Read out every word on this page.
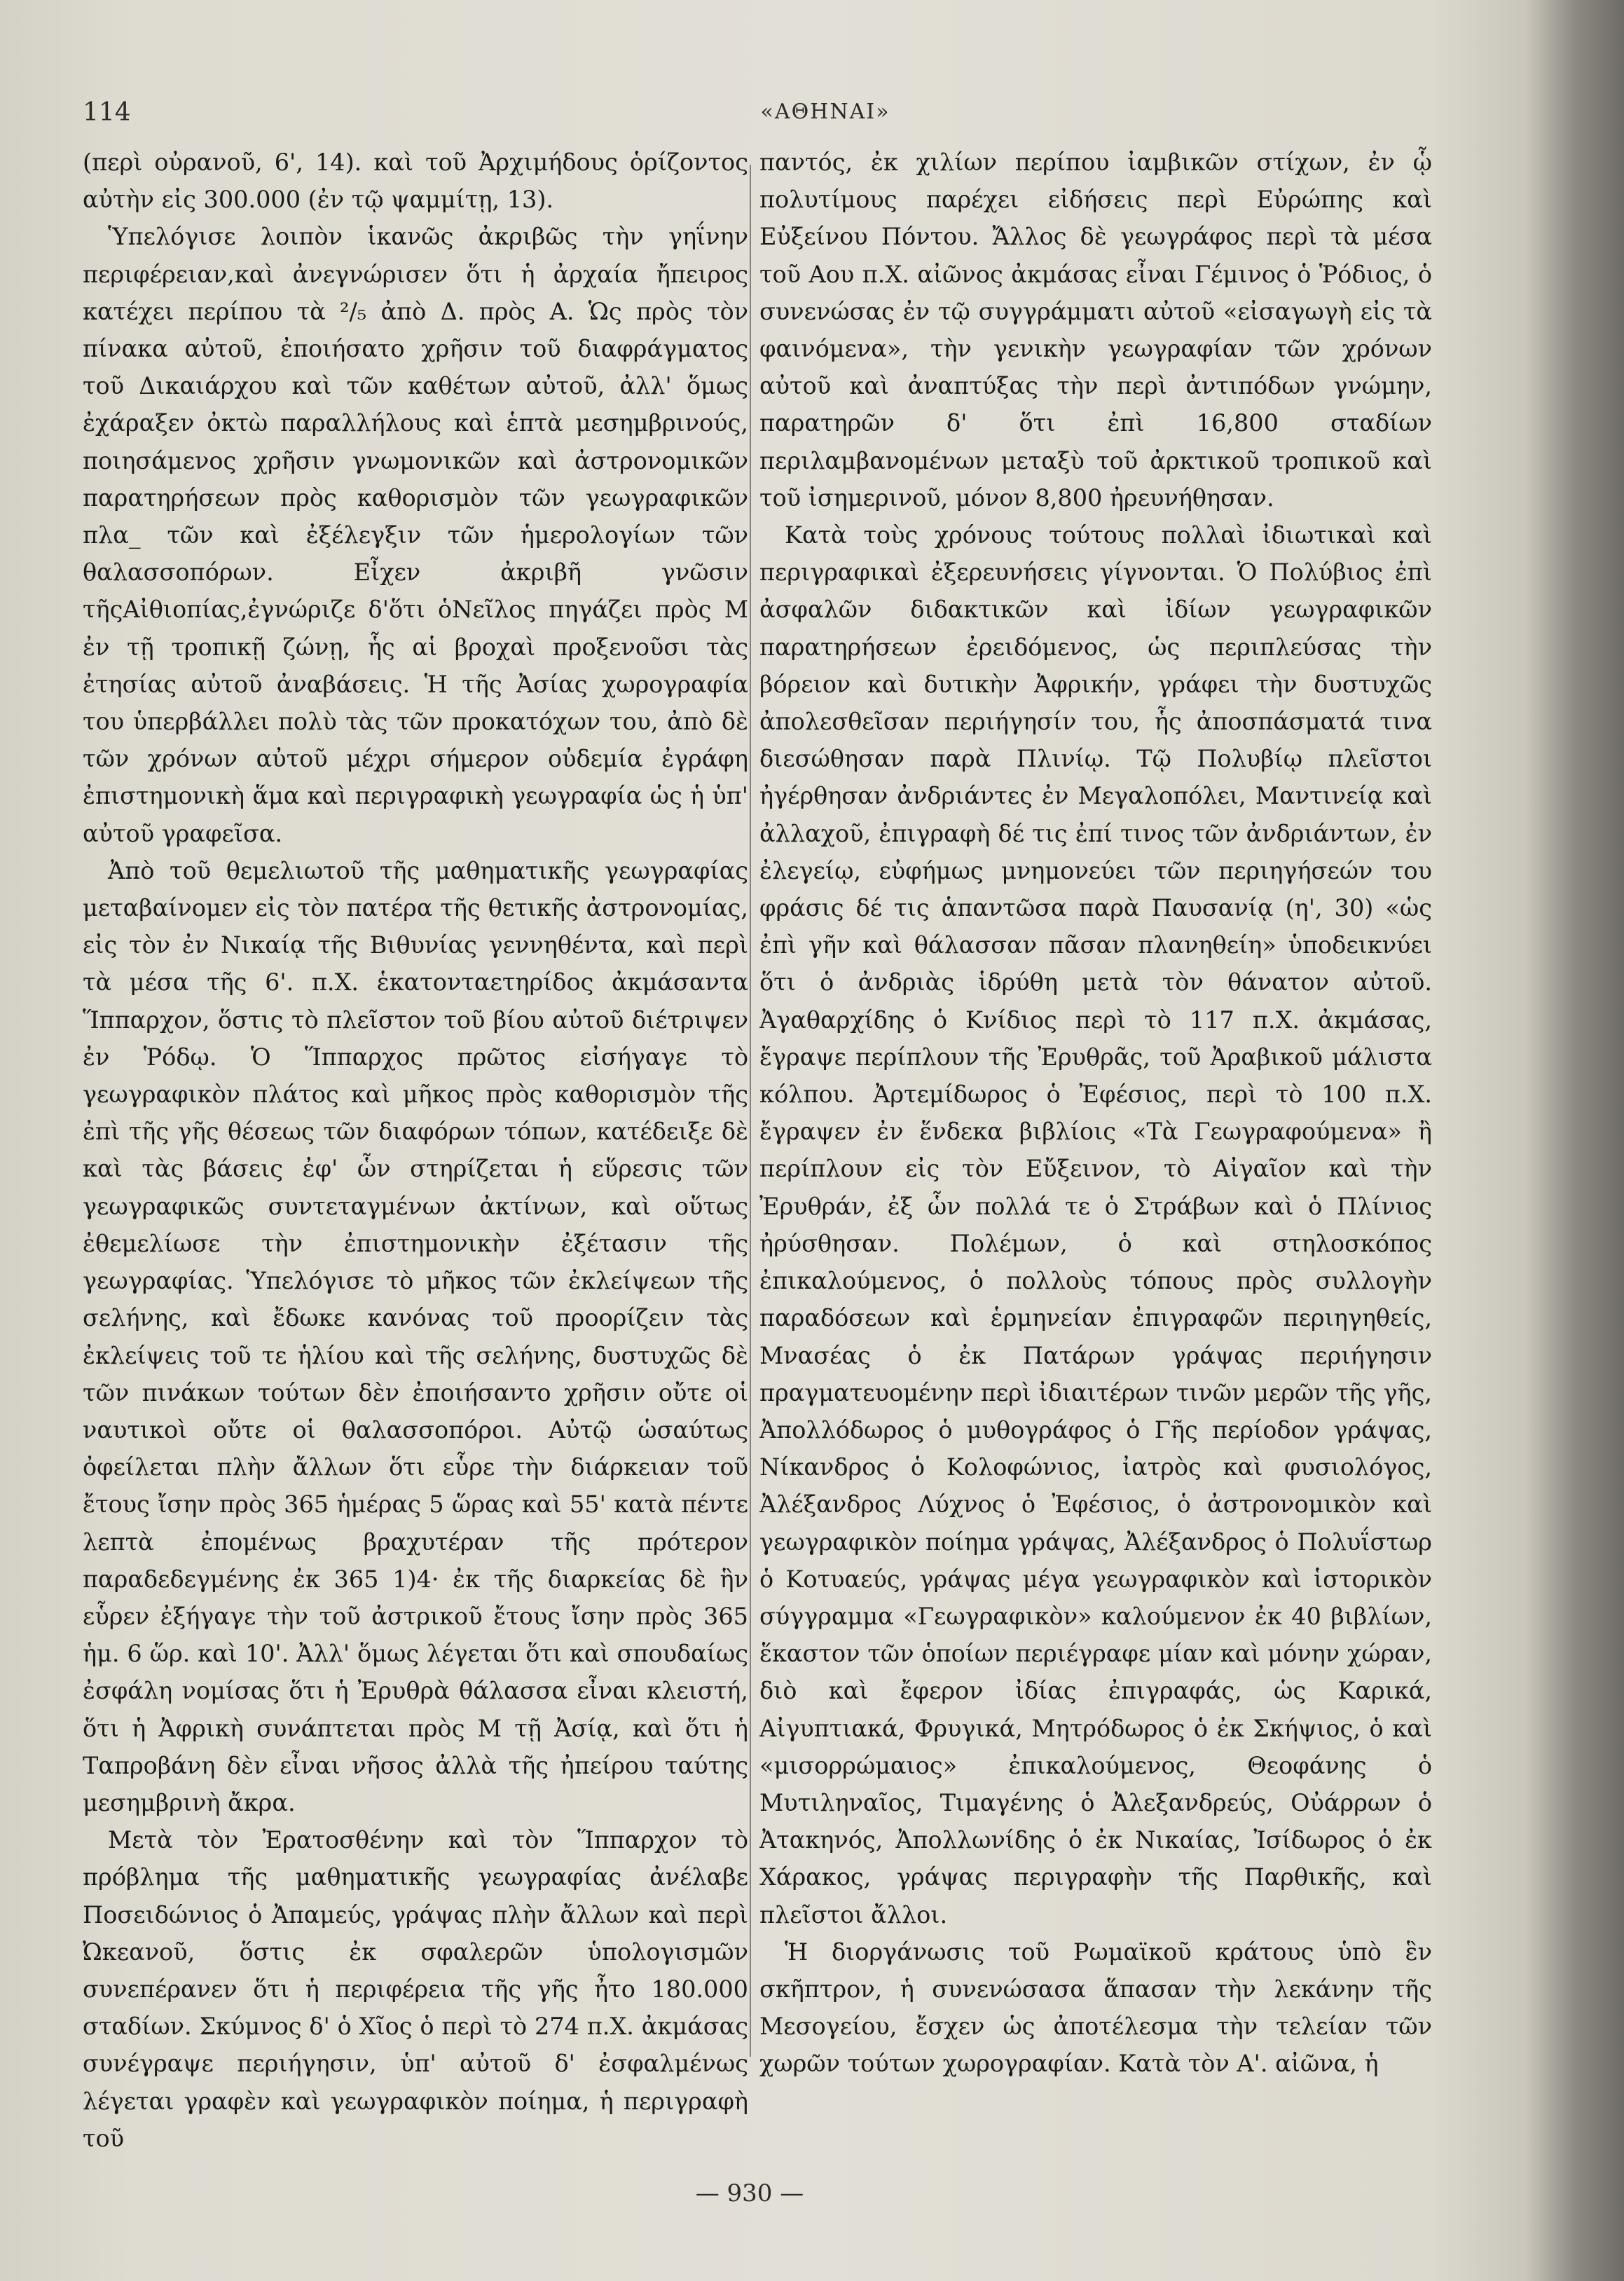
114	«ΑΘΗΝΑΙ»

(περὶ οὐρανοῦ, 6', 14). καὶ τοῦ Ἀρχιμήδους ὁρίζοντος αὐτὴν εἰς 300.000 (ἐν τῷ ψαμμίτῃ, 13).

Ὑπελόγισε λοιπὸν ἱκανῶς ἀκριβῶς τὴν γηΐνην περιφέρειαν,καὶ ἀνεγνώρισεν ὅτι ἡ ἀρχαία ἤπειρος κατέχει περίπου τὰ ²/₅ ἀπὸ Δ. πρὸς Α. Ὡς πρὸς τὸν πίνακα αὐτοῦ, ἐποιήσατο χρῆσιν τοῦ διαφράγματος τοῦ Δικαιάρχου καὶ τῶν καθέτων αὐτοῦ, ἀλλ' ὅμως ἐχάραξεν ὀκτὼ παραλλήλους καὶ ἑπτὰ μεσημβρινούς, ποιησάμενος χρῆσιν γνωμονικῶν καὶ ἀστρονομικῶν παρατηρήσεων πρὸς καθορισμὸν τῶν γεωγραφικῶν πλα_ τῶν καὶ ἐξέλεγξιν τῶν ἡμερολογίων τῶν θαλασσοπόρων. Εἶχεν ἀκριβῆ γνῶσιν τῆςΑἰθιοπίας,ἐγνώριζε δ'ὅτι ὁΝεῖλος πηγάζει πρὸς Μ ἐν τῇ τροπικῇ ζώνῃ, ἧς αἱ βροχαὶ προξενοῦσι τὰς ἐτησίας αὐτοῦ ἀναβάσεις. Ἡ τῆς Ἀσίας χωρογραφία του ὑπερβάλλει πολὺ τὰς τῶν προκατόχων του, ἀπὸ δὲ τῶν χρόνων αὐτοῦ μέχρι σήμερον οὐδεμία ἐγράφη ἐπιστημονικὴ ἅμα καὶ περιγραφικὴ γεωγραφία ὡς ἡ ὑπ' αὐτοῦ γραφεῖσα.

Ἀπὸ τοῦ θεμελιωτοῦ τῆς μαθηματικῆς γεωγραφίας μεταβαίνομεν εἰς τὸν πατέρα τῆς θετικῆς ἀστρονομίας, εἰς τὸν ἐν Νικαίᾳ τῆς Βιθυνίας γεννηθέντα, καὶ περὶ τὰ μέσα τῆς 6'. π.Χ. ἑκατονταετηρίδος ἀκμάσαντα Ἵππαρχον, ὅστις τὸ πλεῖστον τοῦ βίου αὐτοῦ διέτριψεν ἐν Ῥόδῳ. Ὁ Ἵππαρχος πρῶτος εἰσήγαγε τὸ γεωγραφικὸν πλάτος καὶ μῆκος πρὸς καθορισμὸν τῆς ἐπὶ τῆς γῆς θέσεως τῶν διαφόρων τόπων, κατέδειξε δὲ καὶ τὰς βάσεις ἐφ' ὧν στηρίζεται ἡ εὕρεσις τῶν γεωγραφικῶς συντεταγμένων ἀκτίνων, καὶ οὕτως ἐθεμελίωσε τὴν ἐπιστημονικὴν ἐξέτασιν τῆς γεωγραφίας. Ὑπελόγισε τὸ μῆκος τῶν ἐκλείψεων τῆς σελήνης, καὶ ἔδωκε κανόνας τοῦ προορίζειν τὰς ἐκλείψεις τοῦ τε ἡλίου καὶ τῆς σελήνης, δυστυχῶς δὲ τῶν πινάκων τούτων δὲν ἐποιήσαντο χρῆσιν οὔτε οἱ ναυτικοὶ οὔτε οἱ θαλασσοπόροι. Αὐτῷ ὡσαύτως ὀφείλεται πλὴν ἄλλων ὅτι εὗρε τὴν διάρκειαν τοῦ ἔτους ἴσην πρὸς 365 ἡμέρας 5 ὥρας καὶ 55' κατὰ πέντε λεπτὰ ἐπομένως βραχυτέραν τῆς πρότερον παραδεδεγμένης ἐκ 365 1)4· ἐκ τῆς διαρκείας δὲ ἣν εὗρεν ἐξήγαγε τὴν τοῦ ἀστρικοῦ ἔτους ἴσην πρὸς 365 ἡμ. 6 ὥρ. καὶ 10'. Ἀλλ' ὅμως λέγεται ὅτι καὶ σπουδαίως ἐσφάλη νομίσας ὅτι ἡ Ἐρυθρὰ θάλασσα εἶναι κλειστή, ὅτι ἡ Ἀφρικὴ συνάπτεται πρὸς Μ τῇ Ἀσίᾳ, καὶ ὅτι ἡ Ταπροβάνη δὲν εἶναι νῆσος ἀλλὰ τῆς ἠπείρου ταύτης μεσημβρινὴ ἄκρα.

Μετὰ τὸν Ἐρατοσθένην καὶ τὸν Ἵππαρχον τὸ πρόβλημα τῆς μαθηματικῆς γεωγραφίας ἀνέλαβε Ποσειδώνιος ὁ Ἀπαμεύς, γράψας πλὴν ἄλλων καὶ περὶ Ὠκεανοῦ, ὅστις ἐκ σφαλερῶν ὑπολογισμῶν συνεπέρανεν ὅτι ἡ περιφέρεια τῆς γῆς ἦτο 180.000 σταδίων. Σκύμνος δ' ὁ Χῖος ὁ περὶ τὸ 274 π.Χ. ἀκμάσας συνέγραψε περιήγησιν, ὑπ' αὐτοῦ δ' ἐσφαλμένως λέγεται γραφὲν καὶ γεωγραφικὸν ποίημα, ἡ περιγραφὴ τοῦ

παντός, ἐκ χιλίων περίπου ἰαμβικῶν στίχων, ἐν ᾧ πολυτίμους παρέχει εἰδήσεις περὶ Εὐρώπης καὶ Εὐξείνου Πόντου. Ἄλλος δὲ γεωγράφος περὶ τὰ μέσα τοῦ Αου π.Χ. αἰῶνος ἀκμάσας εἶναι Γέμινος ὁ Ῥόδιος, ὁ συνενώσας ἐν τῷ συγγράμματι αὐτοῦ «εἰσαγωγὴ εἰς τὰ φαινόμενα», τὴν γενικὴν γεωγραφίαν τῶν χρόνων αὐτοῦ καὶ ἀναπτύξας τὴν περὶ ἀντιπόδων γνώμην, παρατηρῶν δ' ὅτι ἐπὶ 16,800 σταδίων περιλαμβανομένων μεταξὺ τοῦ ἀρκτικοῦ τροπικοῦ καὶ τοῦ ἰσημερινοῦ, μόνον 8,800 ἠρευνήθησαν.

Κατὰ τοὺς χρόνους τούτους πολλαὶ ἰδιωτικαὶ καὶ περιγραφικαὶ ἐξερευνήσεις γίγνονται. Ὁ Πολύβιος ἐπὶ ἀσφαλῶν διδακτικῶν καὶ ἰδίων γεωγραφικῶν παρατηρήσεων ἐρειδόμενος, ὡς περιπλεύσας τὴν βόρειον καὶ δυτικὴν Ἀφρικήν, γράφει τὴν δυστυχῶς ἀπολεσθεῖσαν περιήγησίν του, ἧς ἀποσπάσματά τινα διεσώθησαν παρὰ Πλινίῳ. Τῷ Πολυβίῳ πλεῖστοι ἠγέρθησαν ἀνδριάντες ἐν Μεγαλοπόλει, Μαντινείᾳ καὶ ἀλλαχοῦ, ἐπιγραφὴ δέ τις ἐπί τινος τῶν ἀνδριάντων, ἐν ἐλεγείῳ, εὐφήμως μνημονεύει τῶν περιηγήσεών του φράσις δέ τις ἁπαντῶσα παρὰ Παυσανίᾳ (η', 30) «ὡς ἐπὶ γῆν καὶ θάλασσαν πᾶσαν πλανηθείη» ὑποδεικνύει ὅτι ὁ ἀνδριὰς ἱδρύθη μετὰ τὸν θάνατον αὐτοῦ. Ἀγαθαρχίδης ὁ Κνίδιος περὶ τὸ 117 π.Χ. ἀκμάσας, ἔγραψε περίπλουν τῆς Ἐρυθρᾶς, τοῦ Ἀραβικοῦ μάλιστα κόλπου. Ἀρτεμίδωρος ὁ Ἐφέσιος, περὶ τὸ 100 π.Χ. ἔγραψεν ἐν ἕνδεκα βιβλίοις «Τὰ Γεωγραφούμενα» ἢ περίπλουν εἰς τὸν Εὔξεινον, τὸ Αἰγαῖον καὶ τὴν Ἐρυθράν, ἐξ ὧν πολλά τε ὁ Στράβων καὶ ὁ Πλίνιος ἠρύσθησαν. Πολέμων, ὁ καὶ στηλοσκόπος ἐπικαλούμενος, ὁ πολλοὺς τόπους πρὸς συλλογὴν παραδόσεων καὶ ἑρμηνείαν ἐπιγραφῶν περιηγηθείς, Μνασέας ὁ ἐκ Πατάρων γράψας περιήγησιν πραγματευομένην περὶ ἰδιαιτέρων τινῶν μερῶν τῆς γῆς, Ἀπολλόδωρος ὁ μυθογράφος ὁ Γῆς περίοδον γράψας, Νίκανδρος ὁ Κολοφώνιος, ἰατρὸς καὶ φυσιολόγος, Ἀλέξανδρος Λύχνος ὁ Ἐφέσιος, ὁ ἀστρονομικὸν καὶ γεωγραφικὸν ποίημα γράψας, Ἀλέξανδρος ὁ Πολυΐστωρ ὁ Κοτυαεύς, γράψας μέγα γεωγραφικὸν καὶ ἱστορικὸν σύγγραμμα «Γεωγραφικὸν» καλούμενον ἐκ 40 βιβλίων, ἕκαστον τῶν ὁποίων περιέγραφε μίαν καὶ μόνην χώραν, διὸ καὶ ἔφερον ἰδίας ἐπιγραφάς, ὡς Καρικά, Αἰγυπτιακά, Φρυγικά, Μητρόδωρος ὁ ἐκ Σκήψιος, ὁ καὶ «μισορρώμαιος» ἐπικαλούμενος, Θεοφάνης ὁ Μυτιληναῖος, Τιμαγένης ὁ Ἀλεξανδρεύς, Οὐάρρων ὁ Ἀτακηνός, Ἀπολλωνίδης ὁ ἐκ Νικαίας, Ἰσίδωρος ὁ ἐκ Χάρακος, γράψας περιγραφὴν τῆς Παρθικῆς, καὶ πλεῖστοι ἄλλοι.

Ἡ διοργάνωσις τοῦ Ρωμαϊκοῦ κράτους ὑπὸ ἓν σκῆπτρον, ἡ συνενώσασα ἅπασαν τὴν λεκάνην τῆς Μεσογείου, ἔσχεν ὡς ἀποτέλεσμα τὴν τελείαν τῶν χωρῶν τούτων χωρογραφίαν. Κατὰ τὸν Α'. αἰῶνα, ἡ

— 930 —
